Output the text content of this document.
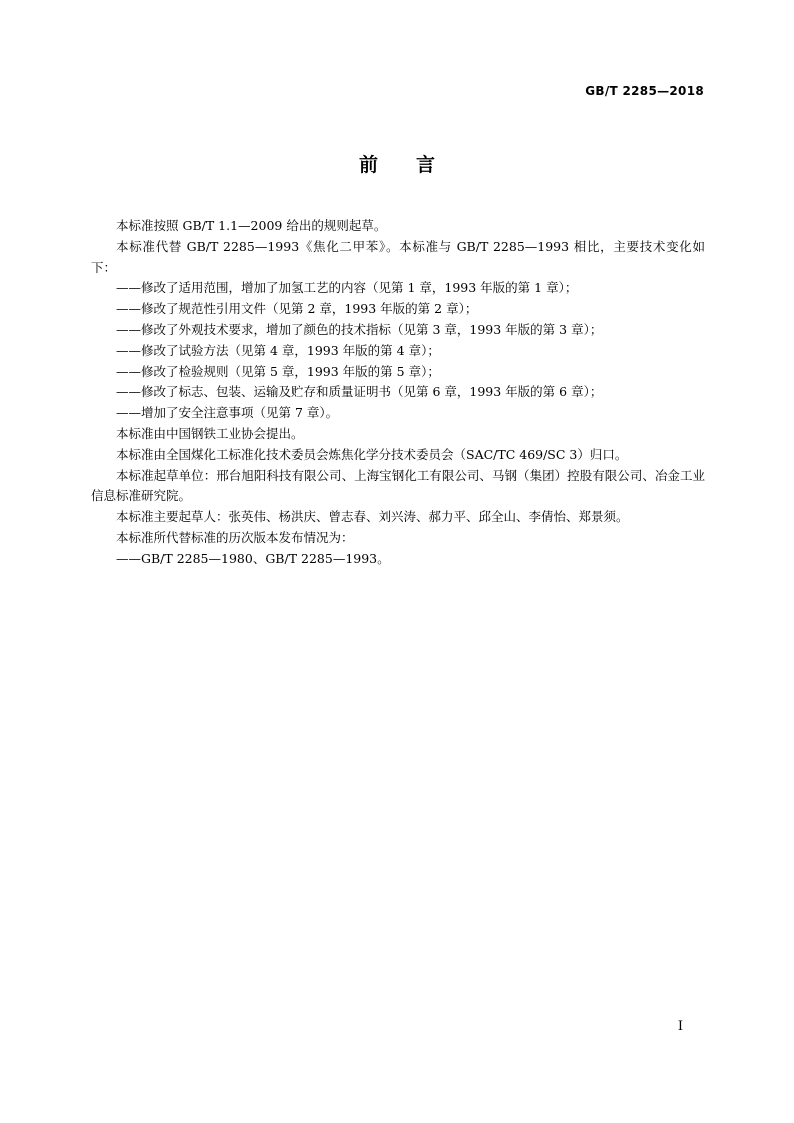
GB/T 2285—2018
前言

本标准按照 GB/T 1.1—2009 给出的规则起草。

本标准代替 GB/T 2285—1993《焦化二甲苯》。本标准与 GB/T 2285—1993 相比，主要技术变化如下：

——修改了适用范围，增加了加氢工艺的内容（见第 1 章，1993 年版的第 1 章）；

——修改了规范性引用文件（见第 2 章，1993 年版的第 2 章）；

——修改了外观技术要求，增加了颜色的技术指标（见第 3 章，1993 年版的第 3 章）；

——修改了试验方法（见第 4 章，1993 年版的第 4 章）；

——修改了检验规则（见第 5 章，1993 年版的第 5 章）；

——修改了标志、包装、运输及贮存和质量证明书（见第 6 章，1993 年版的第 6 章）；

——增加了安全注意事项（见第 7 章）。

本标准由中国钢铁工业协会提出。

本标准由全国煤化工标准化技术委员会炼焦化学分技术委员会（SAC/TC 469/SC 3）归口。

本标准起草单位：邢台旭阳科技有限公司、上海宝钢化工有限公司、马钢（集团）控股有限公司、冶金工业信息标准研究院。

本标准主要起草人：张英伟、杨洪庆、曾志春、刘兴涛、郝力平、邱全山、李倩怡、郑景须。

本标准所代替标准的历次版本发布情况为：

——GB/T 2285—1980、GB/T 2285—1993。

I
